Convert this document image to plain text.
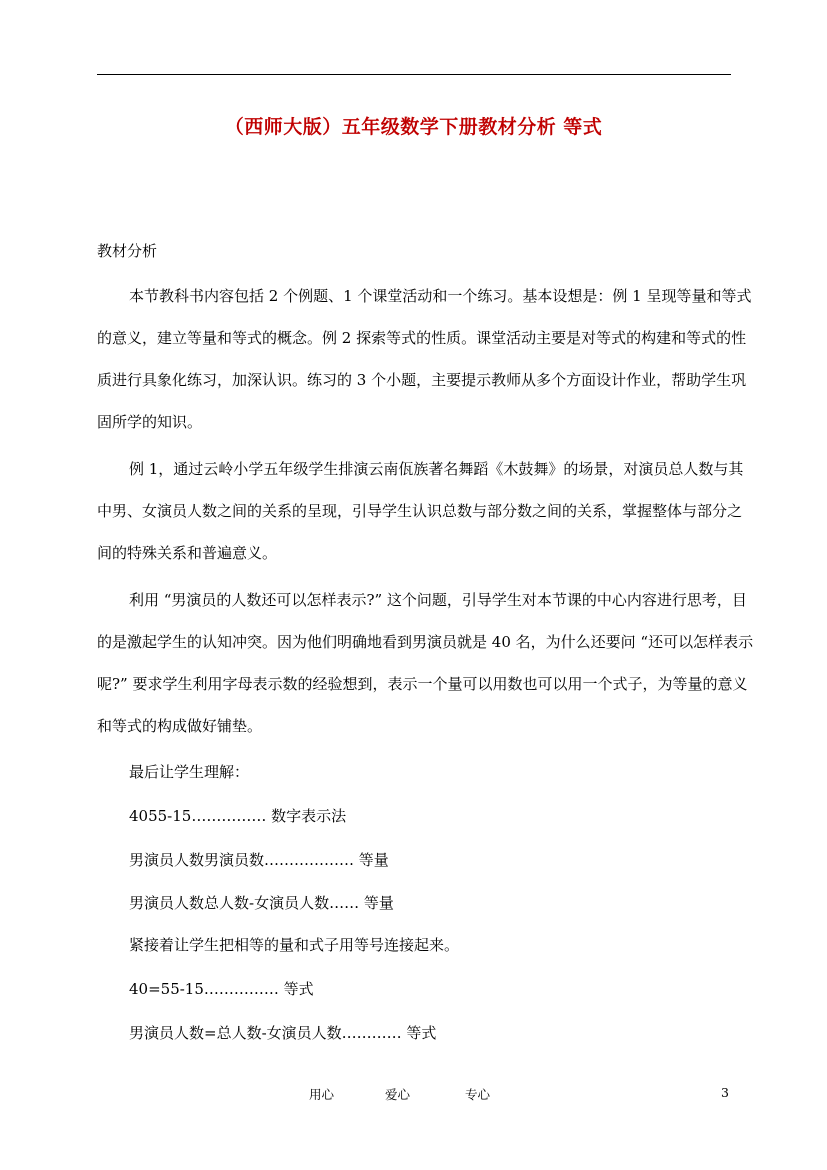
（西师大版）五年级数学下册教材分析 等式
教材分析
本节教科书内容包括 2 个例题、1 个课堂活动和一个练习。基本设想是：例 1 呈现等量和等式
的意义，建立等量和等式的概念。例 2 探索等式的性质。课堂活动主要是对等式的构建和等式的性
质进行具象化练习，加深认识。练习的 3 个小题，主要提示教师从多个方面设计作业，帮助学生巩
固所学的知识。
例 1，通过云岭小学五年级学生排演云南佤族著名舞蹈《木鼓舞》的场景，对演员总人数与其
中男、女演员人数之间的关系的呈现，引导学生认识总数与部分数之间的关系，掌握整体与部分之
间的特殊关系和普遍意义。
利用 “男演员的人数还可以怎样表示?” 这个问题，引导学生对本节课的中心内容进行思考，目
的是激起学生的认知冲突。因为他们明确地看到男演员就是 40 名，为什么还要问 “还可以怎样表示
呢?” 要求学生利用字母表示数的经验想到，表示一个量可以用数也可以用一个式子，为等量的意义
和等式的构成做好铺垫。
最后让学生理解：
4055-15…………… 数字表示法
男演员人数男演员数……………… 等量
男演员人数总人数-女演员人数…… 等量
紧接着让学生把相等的量和式子用等号连接起来。
40=55-15…………… 等式
男演员人数=总人数-女演员人数………… 等式
用心	爱心	专心	3
